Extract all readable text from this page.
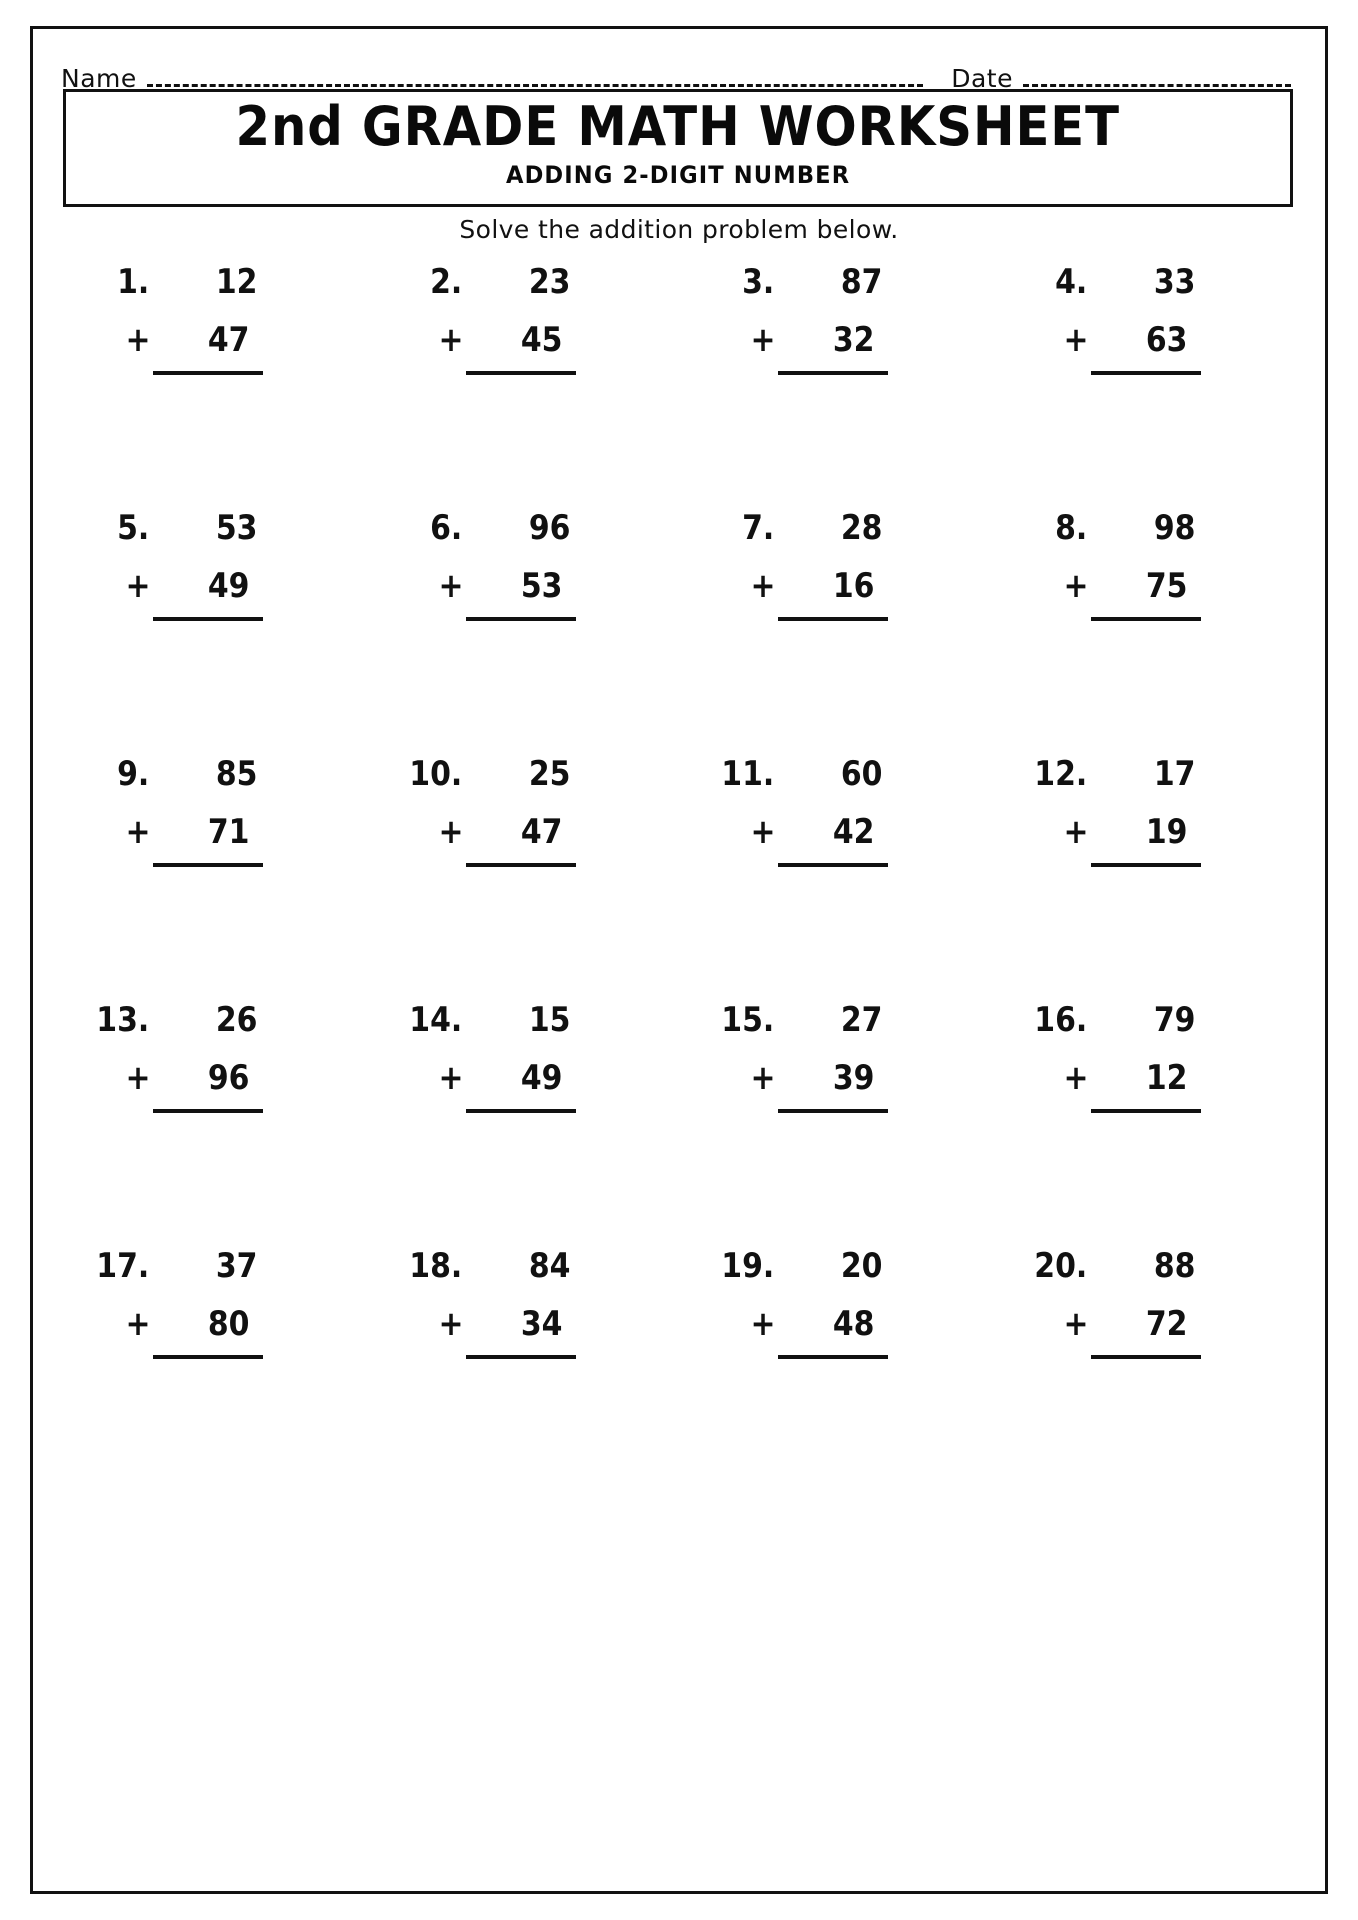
Name	Date
2nd GRADE MATH WORKSHEET
ADDING 2-DIGIT NUMBER
Solve the addition problem below.
1.	12
+	47
2.	23
+	45
3.	87
+	32
4.	33
+	63
5.	53
+	49
6.	96
+	53
7.	28
+	16
8.	98
+	75
9.	85
+	71
10.	25
+	47
11.	60
+	42
12.	17
+	19
13.	26
+	96
14.	15
+	49
15.	27
+	39
16.	79
+	12
17.	37
+	80
18.	84
+	34
19.	20
+	48
20.	88
+	72
